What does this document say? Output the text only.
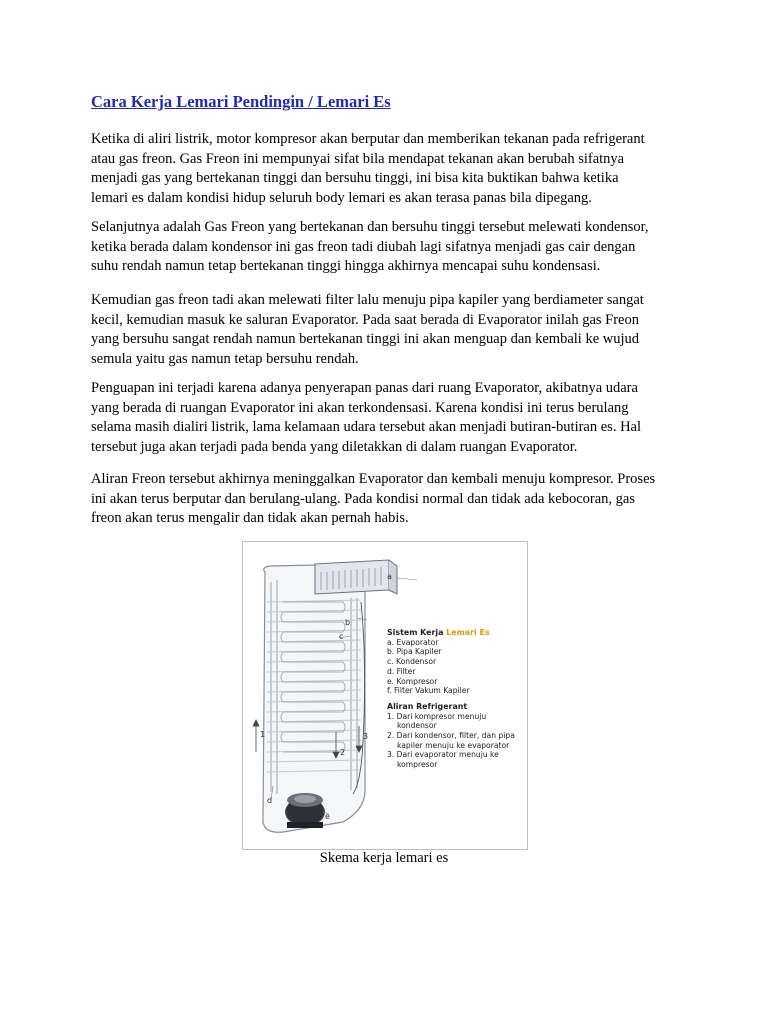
Cara Kerja Lemari Pendingin / Lemari Es

Ketika di aliri listrik, motor kompresor akan berputar dan memberikan tekanan pada refrigerant
atau gas freon. Gas Freon ini mempunyai sifat bila mendapat tekanan akan berubah sifatnya
menjadi gas yang bertekanan tinggi dan bersuhu tinggi, ini bisa kita buktikan bahwa ketika
lemari es dalam kondisi hidup seluruh body lemari es akan terasa panas bila dipegang.

Selanjutnya adalah Gas Freon yang bertekanan dan bersuhu tinggi tersebut melewati kondensor,
ketika berada dalam kondensor ini gas freon tadi diubah lagi sifatnya menjadi gas cair dengan
suhu rendah namun tetap bertekanan tinggi hingga akhirnya mencapai suhu kondensasi.

Kemudian gas freon tadi akan melewati filter lalu menuju pipa kapiler yang berdiameter sangat
kecil, kemudian masuk ke saluran Evaporator. Pada saat berada di Evaporator inilah gas Freon
yang bersuhu sangat rendah namun bertekanan tinggi ini akan menguap dan kembali ke wujud
semula yaitu gas namun tetap bersuhu rendah.

Penguapan ini terjadi karena adanya penyerapan panas dari ruang Evaporator, akibatnya udara
yang berada di ruangan Evaporator ini akan terkondensasi. Karena kondisi ini terus berulang
selama masih dialiri listrik, lama kelamaan udara tersebut akan menjadi butiran-butiran es. Hal
tersebut juga akan terjadi pada benda yang diletakkan di dalam ruangan Evaporator.

Aliran Freon tersebut akhirnya meninggalkan Evaporator dan kembali menuju kompresor. Proses
ini akan terus berputar dan berulang-ulang. Pada kondisi normal dan tidak ada kebocoran, gas
freon akan terus mengalir dan tidak akan pernah habis.

a
b
c
d
e
1
2
3
Sistem Kerja Lemari Es
a. Evaporator
b. Pipa Kapiler
c. Kondensor
d. Filter
e. Kompresor
f. Filter Vakum Kapiler
Aliran Refrigerant
1. Dari kompresor menuju
kondensor
2. Dari kondensor, filter, dan pipa
kapiler menuju ke evaporator
3. Dari evaporator menuju ke
kompresor
Skema kerja lemari es
